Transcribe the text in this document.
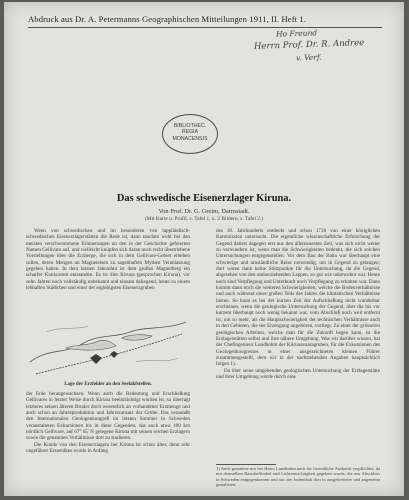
Abdruck aus Dr. A. Petermanns Geographischen Mitteilungen 1911, II. Heft 1.
Ho Freund
Herrn Prof. Dr. R. Andree
v. Verf.
BIBLIOTHEC.
REGIA
MONACENSIS
Das schwedische Eisenerzlager Kiruna.
Von Prof. Dr. G. Greim, Darmstadt.
(Mit Karte u. Profil, s. Tafel 1, u. 2 Bildern, s. Tafel 2.)

Wenn von schwedischen und im besonderen von lappländisch-schwedischen Eisenerzlagerstätten die Rede ist, dann tauchen wohl bei den meisten verschwommene Erinnerungen an den in der Geschichte gefeierten Namen Gellivare auf, und vielleicht knüpfen sich daran noch recht übertriebene Vorstellungen über die Erzberge, die sich in dem Gellivare-Gebiet erheben sollen, deren Mengen an Magneteisen zu sagenhaften Mythen Veranlassung gegeben haben. In dem letzten Jahrzehnt ist dem großen Magnetberg ein scharfer Konkurrent entstanden. Es ist dies Kiruna (gesprochen Kiruna), vor zehn Jahren noch vollständig unbekannt und einsam daliegend, heute zu einem lebhaften Städtchen und einer der ergiebigsten Eisenerzgruben

Lage der Erzfelder an den Seelakfstellen.

der Erde herangewachsen. Wenn auch die Bedeutung und Erschließung Gellivares in letzter Weise durch Kiruna beeinträchtigt worden ist, so überragt letzteres seinen älteren Bruder doch wesentlich an vorhandener Erzmenge und auch schon an Jahresproduktion und Jahresumsatz der Grube. Das veranlaßt den Internationalen Geologenkongreß im letzten Sommer in Schweden veranstalteten Exkursionen bis in diese Gegenden, das auch etwa 100 km nördlich Gellivare, auf 67° 65' N gelegene Kiruna mit seinen reichen Erzlagern sowie die genannten Verhältnisse dort zu studieren.

Die Kunde von den Eisenerzlagern bei Kiruna ist schon älter, denn sehr ungefährer Erzeeidkes wurde in Anfang

des 18. Jahrhunderts entdeckt und schon 1736 von einer königlichen Kommission untersucht. Die eigentliche wissenschaftliche Erforschung der Gegend datiert dagegen erst aus den allerneuesten Zeit, was sich nicht weiter zu verwundern ist, wenn man die Schwierigkeiten bedenkt, die sich solchen Untersuchungen entgegenstellen. Vor dem Bau der Bahn war überhaupt eine schwierige und umständliche Reise notwendig, um in Gegend zu gelangen; dort waren dann keine Stützpunkte für die Untersuchung, da die Gegend, abgesehen von den umherziehenden Lappen, so gut wie unbewohnt war. Heute noch sind Verpflegung und Unterkunft noch Verpflegung zu erhalten war. Dann kommt dann noch die weiteren Schwierigkeiten, welche die Bodenverhältnisse und auch während eines großen Teils des Jahres die klimatischen Verhältnisse bieten. So kann es bei der kurzen Zeit der Aufschließung nicht wunderbar erscheinen, wenn die geologische Untersuchung der Gegend, über die bis vor kurzem überhaupt noch wenig bekannt war, vom Abschluß noch weit entfernt ist, um so mehr, als die Hauptschwierigkeit der technischen Verhältnisse auch in den Gebieten, die der Erzeugung angehören, vorliegt. Zu einer der grösseren geologischen Arbeiten, welche man für die Zukunft hegen kann, ist die Erzlagerstätten selbst und ihre nähere Umgebung. Was wir darüber wissen, hat der Chefingenieur Lundbohm der Kiirunavaaragruben, für die Exkursionen des Geologenkongresses in einer ausgezeichneten kleinen Führer zusammengestellt, dem wir in der nachstehenden Angaben hauptsächlich folgen 1).

Da über seine umgebenden geologischen Untersuchung der Erzlagerstätte und ihrer Umgebung wurde durch eine

1) Auch gestattete mir bei Herrn Lundbohm nach für freundliche Auskunft verpflichtet, da mit demselben Basisbefilmhel und Lichtenwichtigkeit gegeben wurde, die aus Abschluss in Schweden entgegenkommt und aus der Aufenthalt dort in ausgebreiteter und angenehm gestalteten.
